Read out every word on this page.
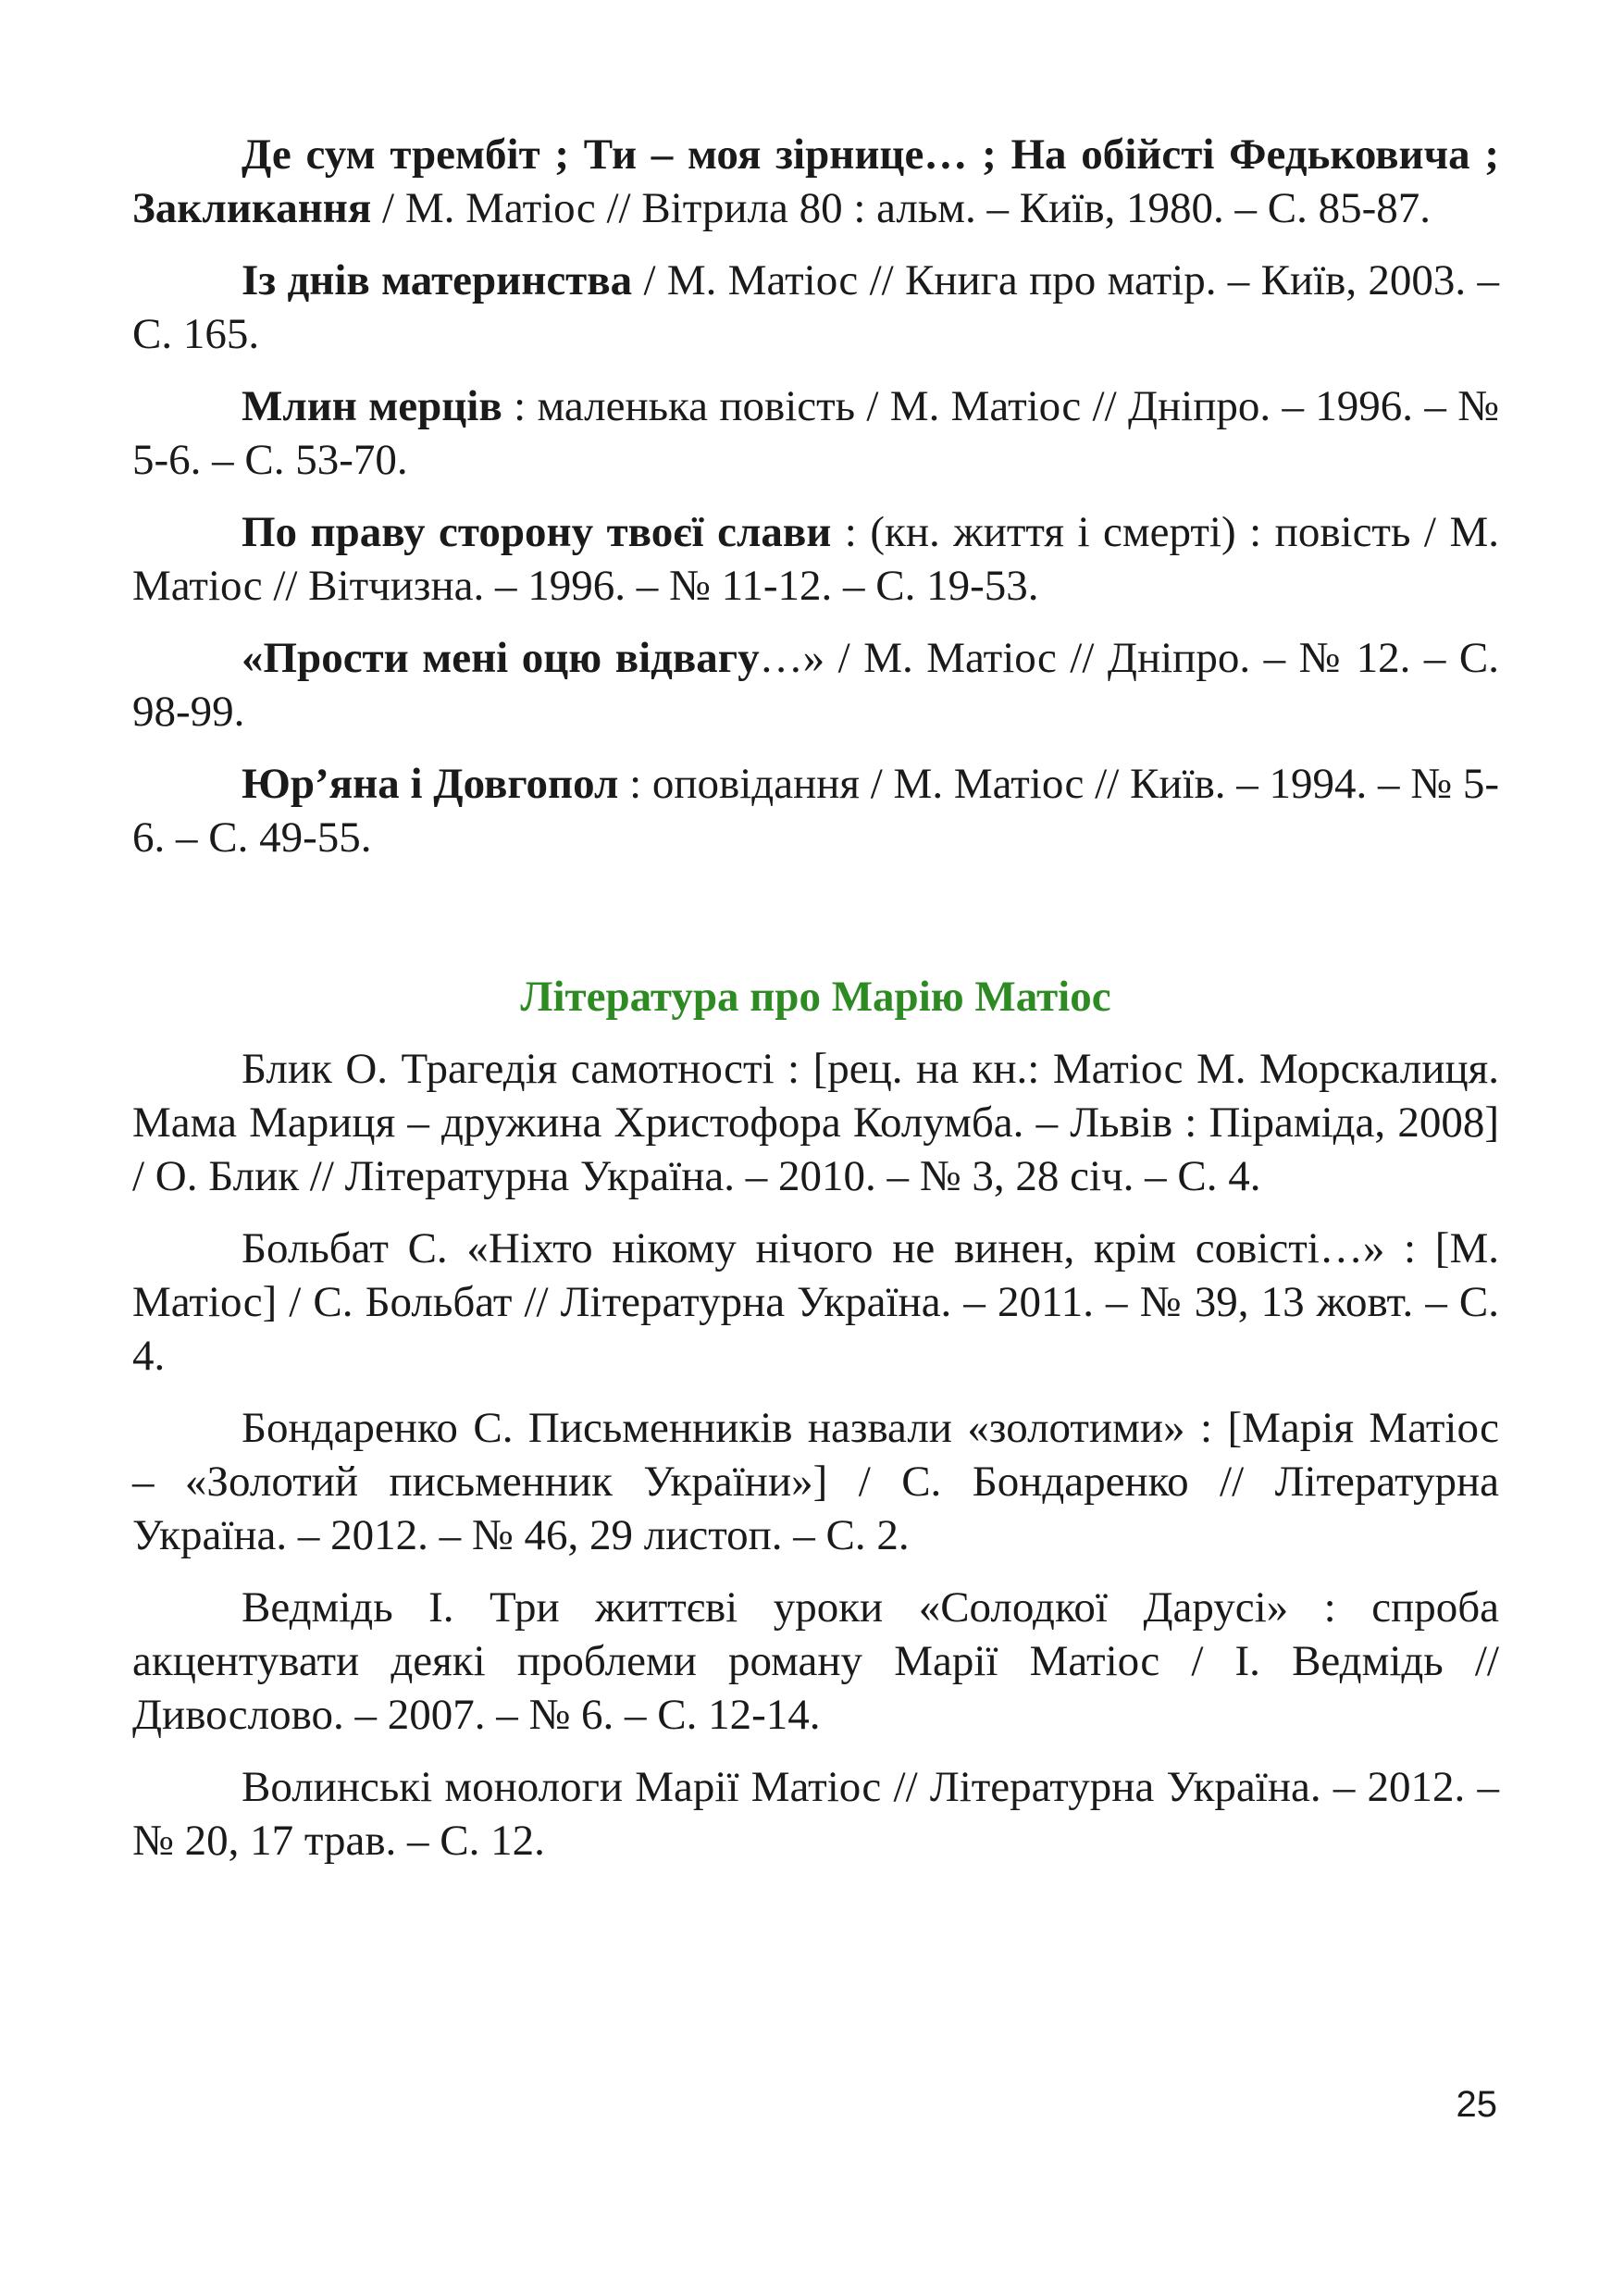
Де сум трембіт ; Ти – моя зірнице… ; На обійсті Федьковича ; Закликання / М. Матіос // Вітрила 80 : альм. – Київ, 1980. – С. 85-87.

Із днів материнства / М. Матіос // Книга про матір. – Київ, 2003. – С. 165.

Млин мерців : маленька повість / М. Матіос // Дніпро. – 1996. – № 5-6. – С. 53-70.

По праву сторону твоєї слави : (кн. життя і смерті) : повість / М. Матіос // Вітчизна. – 1996. – № 11-12. – С. 19-53.

«Прости мені оцю відвагу…» / М. Матіос // Дніпро. – № 12. – С. 98-99.

Юр’яна і Довгопол : оповідання / М. Матіос // Київ. – 1994. – № 5-6. – С. 49-55.

Література про Марію Матіос

Блик О. Трагедія самотності : [рец. на кн.: Матіос М. Морскалиця. Мама Мариця – дружина Христофора Колумба. – Львів : Піраміда, 2008] / О. Блик // Літературна Україна. – 2010. – № 3, 28 січ. – С. 4.

Больбат С. «Ніхто нікому нічого не винен, крім совісті…» : [М. Матіос] / С. Больбат // Літературна Україна. – 2011. – № 39, 13 жовт. – С. 4.

Бондаренко С. Письменників назвали «золотими» : [Марія Матіос – «Золотий письменник України»] / С. Бондаренко // Літературна Україна. – 2012. – № 46, 29 листоп. – С. 2.

Ведмідь І. Три життєві уроки «Солодкої Дарусі» : спроба акцентувати деякі проблеми роману Марії Матіос / І. Ведмідь // Дивослово. – 2007. – № 6. – С. 12-14.

Волинські монологи Марії Матіос // Літературна Україна. – 2012. – № 20, 17 трав. – С. 12.

25
